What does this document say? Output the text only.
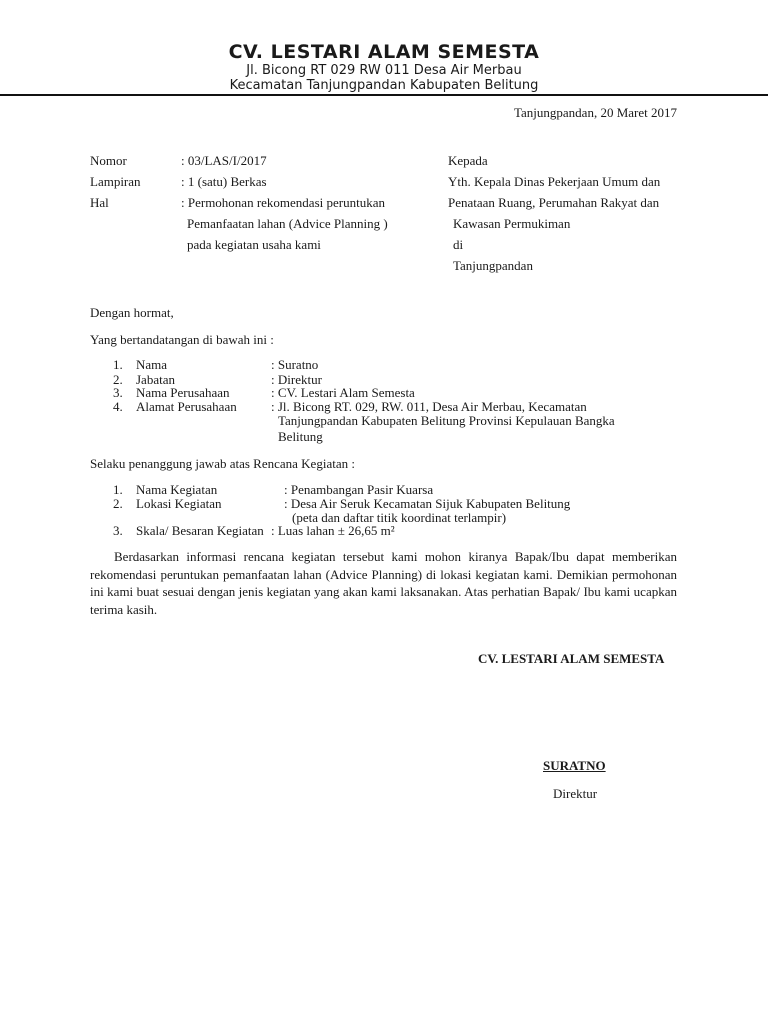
CV. LESTARI ALAM SEMESTA
Jl. Bicong RT 029 RW 011 Desa Air Merbau
Kecamatan Tanjungpandan Kabupaten Belitung
Tanjungpandan, 20 Maret 2017
Nomor	: 03/LAS/I/2017
Lampiran	: 1 (satu) Berkas
Hal	: Permohonan rekomendasi peruntukan
Pemanfaatan lahan (Advice Planning )
pada kegiatan usaha kami
Kepada
Yth. Kepala Dinas Pekerjaan Umum dan
Penataan Ruang, Perumahan Rakyat dan
Kawasan Permukiman
di
Tanjungpandan
Dengan hormat,
Yang bertandatangan di bawah ini :
1. Nama	: Suratno
2. Jabatan	: Direktur
3. Nama Perusahaan	: CV. Lestari Alam Semesta
4. Alamat Perusahaan	: Jl. Bicong RT. 029, RW. 011, Desa Air Merbau, Kecamatan
Tanjungpandan Kabupaten Belitung Provinsi Kepulauan Bangka
Belitung
Selaku penanggung jawab atas Rencana Kegiatan :
1. Nama Kegiatan	: Penambangan Pasir Kuarsa
2. Lokasi Kegiatan	: Desa Air Seruk Kecamatan Sijuk Kabupaten Belitung
(peta dan daftar titik koordinat terlampir)
3. Skala/ Besaran Kegiatan : Luas lahan ± 26,65 m²
Berdasarkan informasi rencana kegiatan tersebut kami mohon kiranya Bapak/Ibu dapat memberikan rekomendasi peruntukan pemanfaatan lahan (Advice Planning) di lokasi kegiatan kami. Demikian permohonan ini kami buat sesuai dengan jenis kegiatan yang akan kami laksanakan. Atas perhatian Bapak/ Ibu kami ucapkan terima kasih.
CV. LESTARI ALAM SEMESTA
SURATNO
Direktur
